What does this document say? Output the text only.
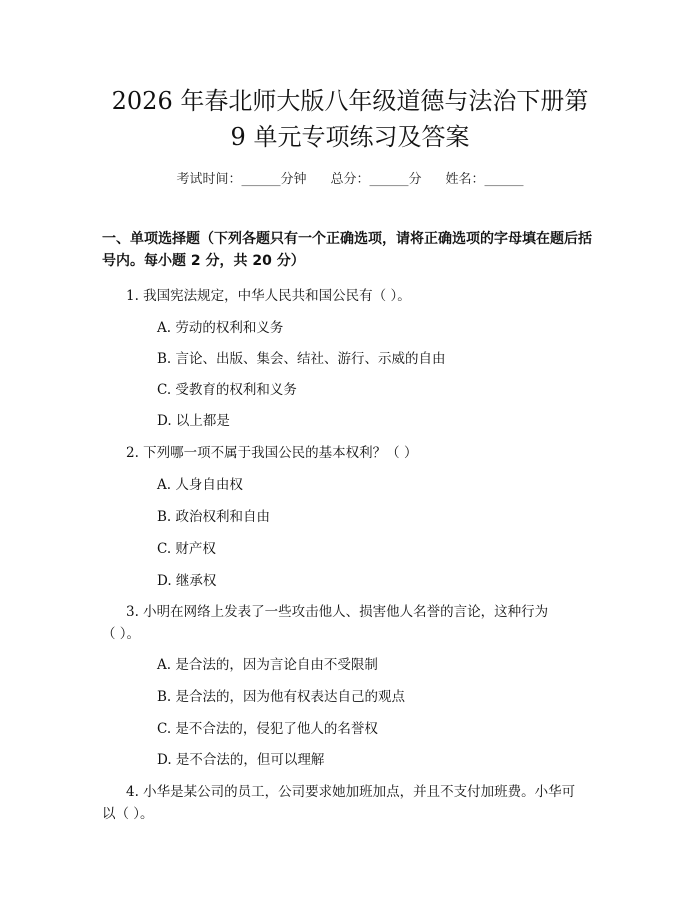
2026 年春北师大版八年级道德与法治下册第
9 单元专项练习及答案
考试时间：______分钟 总分：______分 姓名：______
一、单项选择题（下列各题只有一个正确选项，请将正确选项的字母填在题后括
号内。每小题 2 分，共 20 分）
1. 我国宪法规定，中华人民共和国公民有（ ）。
A. 劳动的权利和义务
B. 言论、出版、集会、结社、游行、示威的自由
C. 受教育的权利和义务
D. 以上都是
2. 下列哪一项不属于我国公民的基本权利？（ ）
A. 人身自由权
B. 政治权利和自由
C. 财产权
D. 继承权
3. 小明在网络上发表了一些攻击他人、损害他人名誉的言论，这种行为
（ ）。
A. 是合法的，因为言论自由不受限制
B. 是合法的，因为他有权表达自己的观点
C. 是不合法的，侵犯了他人的名誉权
D. 是不合法的，但可以理解
4. 小华是某公司的员工，公司要求她加班加点，并且不支付加班费。小华可
以（ ）。
